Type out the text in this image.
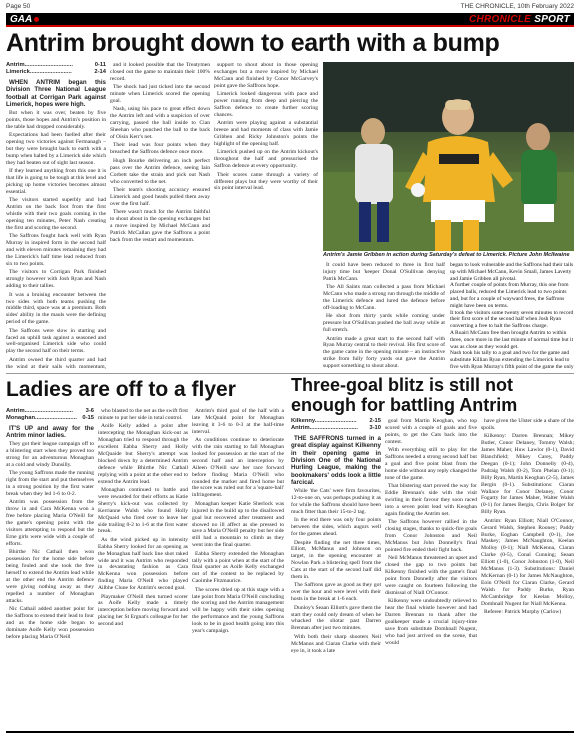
Page 50	THE CHRONICLE, 10th February 2022
GAA	CHRONICLE SPORT
Antrim brought down to earth with a bump
Antrim..............................	0-11
Limerick..........................	2-14

WHEN ANTRIM began this Division Three National League football at Corrigan Park against Limerick, hopes were high.

But when it was over, beaten by five points, those hopes and Antrim's position in the table had dropped considerably.

Expectations had been fuelled after their opening two victories against Fermanagh – but they were brought back to earth with a bump when halted by a Limerick side which they had beaten out of sight last season.

If they learned anything from this one it is that life is going to be tough at this level and picking up home victories becomes almost essential.

The visitors started superbly and had Antrim on the back foot from the first whistle with their two goals coming in the opening ten minutes, Peter Nash creating the first and scoring the second.

The Saffrons fought back well with Ryan Murray in inspired form in the second half and with eleven minutes remaining they had the Limerick's half time lead reduced from six to two points.

The visitors to Corrigan Park finished strongly however with Josh Ryan and Nash adding to their tallies.

It was a bruising encounter between the two sides with both teams pushing the middle third, space was at a premium. Both sides' ability in the mauls were the defining period of the game.

The Saffrons were slow in starting and faced an uphill task against a seasoned and well-organised Limerick side who could play the second half on their terms.

Antrim owned the third quarter and had the wind at their sails with momentum,

and it looked possible that the Treatymen closed out the game to maintain their 100% record.

The shock had just ticked into the second minute when Limerick scored the opening goal.

Nash, using his pace to great effect down the Antrim left and with a suspicion of over carrying, passed the ball inside to Cian Sheehan who punched the ball to the back of Oisin Kerr's net.

Their lead was four points when they breached the Saffrons defence once more.

Hugh Bourke delivering an inch perfect pass over the Antrim defence, seeing Iain Corbett take the strain and pick out Nash who converted to the net.

Their team's shooting accuracy ensured Limerick and good heads pulled them away over the first half.

There wasn't much for the Antrim faithful to shout about in the opening exchanges but a move inspired by Michael McCann and Patrick McCallan gave the Saffrons a point back from the restart and momentum.

support to shout about in those opening exchanges but a move inspired by Michael McCann and finished by Conor McGarvey's point gave the Saffrons hope.

Limerick looked dangerous with pace and power running from deep and piercing the Saffron defence to create further scoring chances.

Antrim were playing against a substantial breeze and had moments of class with Jamie Gribben and Ricky Johnston's points the highlight of the opening half.

Limerick pushed up on the Antrim kickout's throughout the half and pressurised the Saffron defence at every opportunity.

Their scores came through a variety of different plays but they were worthy of their six point interval lead.

Antrim's Jamie Gribben in action during Saturday's defeat to Limerick. Picture John McIlwaine

It could have been reduced to three in first half injury time but 'keeper Donal O'Sullivan denying Patrik McCann.

The All Saints man collected a pass from Michael McCann who made a strong run through the middle of the Limerick defence and lured the defence before off-loading to McCann.

He shot from thirty yards while coming under pressure but O'Sullivan pushed the ball away while at full stretch.

Antrim made a great start to the second half with Ryan Murray central to their revival. His first score of the game came in the opening minute – an instinctive strike from fully forty yards out gave the Antrim support something to shout about.

began to look vulnerable and the Saffrons had their tails up with Michael McCann, Kevin Small, James Laverty and Jamie Gribben all pivotal.

A further couple of points from Murray, this one from placed balls, reduced the Limerick lead to two points and, but for a couple of wayward frees, the Saffrons might have been on terms.

It took the visitors some twenty seven minutes to record their first score of the second half when Josh Ryan converting a free to halt the Saffrons charge.

A Ruairi McCann free then brought Antrim to within three, once more in the last minute of normal time but it was as close as they would get.

Nash took his tally to a goal and two for the game and substitute Killian Ryan extending the Limerick lead to five with Ryan Murray's fifth point of the game the only

Ladies are off to a flyer
Antrim.............................. 3-6
Monaghan.......................... 0-15

IT'S UP and away for the Antrim minor ladies.

They got their league campaign off to a blistering start when they proved too strong for an adventurous Monaghan at a cold and windy Dunsilly.

The young Saffrons made the running right from the start and put themselves in a strong position by the first water break when they led 1-6 to 0-2.

Antrim was possession from the throw in and Cara McKenna won a free before placing Maria O'Neill for the game's opening point with the visitors attempting to respond but the Erne girls were wide with a couple of efforts.

Bhirthe Nic Cathail then won possession for the home side before being fouled and she took the free herself to extend the Antrim lead while at the other end the Antrim defence were giving nothing away as they repelled a number of Monaghan attacks.

Nic Cathail added another point for the Saffrons to extend their lead to four and as the home side began to dominate Aoife Kelly won possession before placing Maria O'Neill

who blasted to the net as the swift first minute to put her side in total control.

Aoife Kelly added a point after intercepting the Monaghan kick-out as Monaghan tried to respond through the excellent Eabha Sherry and Holly McQuaide but Sherry's attempt was blocked down by a determined Antrim defence while Bhirthe Nic Cathail replying with a point at the other end to extend the Antrim lead.

Monaghan continued to battle and were rewarded for their efforts as Katie Sherry's kick-out was collected by Kerrianne Walsh who found Holly McQuaid who fired over to leave her side trailing 0-2 to 1-6 at the first water break.

As the wind picked up in intensity Eabha Sherry looked for an opening as the Monaghan half back line shot raked wide and it was Antrim who responded in devastating fashion as Cara McKenna won possession before finding Maria O'Neill who played Ailbhe Clune for Antrim's second goal.

Playmaker O'Neill then turned scorer as Aoife Kelly made a timely interception before moving forward and placing her St Ergnat's colleague for her second and

Antrim's third goal of the half with a late McQuaid point for Monaghan leaving it 3-6 to 0-3 at the half-time interval.

As conditions continue to deteriorate with the rain starting to fall Monaghan looked for possession at the start of the second half and an interception by Aileen O'Neill saw her race forward before finding Maria O'Neill who rounded the marker and fired home but the score was ruled out for a 'square-ball' infringement.

Monaghan keeper Katie Sherlock was injured in the build up to the disallowed goal but recovered after treatment and showed no ill affect as she pressed to save a Maria O'Neill penalty but her side still had a mountain to climb as they went into the final quarter.

Eabha Sherry extended the Monaghan tally with a point when at the start of the final quarter as Aoife Kelly exchanged out of the contest to be replaced by Caoimhe Fitzmaurice.

The scores dried up at this stage with a late point from Maria O'Neill concluding the scoring and the Antrim management will be happy with their sides opening the performance and the young Saffrons look to be in good health going into this year's campaign.

Three-goal blitz is still not enough for battling Antrim
Kilkenny.......................... 2-15
Antrim.............................. 3-10

THE SAFFRONS turned in a great display against Kilkenny in their opening game in Division One of the National Hurling League, making the bookmakers' odds look a little farcical.

While 'the Cats' were firm favourites, 12-to-one on, was perhaps pushing it as for while the Saffrons should have been much fitter than their 15-to-2 tag.

In the end there was only four points between the sides, which augurs well for the games ahead.

Despite finding the net three times, Elliott, McManus and Johnson on target, in the opening encounter at Nowlan Park a blistering spell from the Cats at the start of the second half did them in.

The Saffrons gave as good as they got over the hour and were level with their hosts in the break at 1-6 each.

Dunloy's Seaan Elliott's gave them the start they could only dream of when he whacked the sliotar past Darren Brennan after just two minutes.

With both their sharp shooters Neil McManus and Ciaran Clarke with their eye in, it took a late

goal from Martin Keoghan, who top scored with a couple of goals and five points, to get the Cats back into the contest.

With everything still to play for the Saffrons needed a strong second half but a goal and five point blast from the home side without any reply changed the tone of the game.

That blistering start proved the way for Eddie Brennan's side with the visit swirling in their favour they soon raced into a seven point lead with Keoghan again finding the Antrim net.

The Saffrons however rallied in the closing stages, thanks to quick-fire goals from Conor Johnston and Neil McManus but John Donnelly's final pointed fire ended their fight back.

Neil McManus threatened an upset and closed the gap to two points but Kilkenny finished with the game's final point from Donnelly after the visitors were caught on fourteen following the dismissal of Niall O'Connor.

Kilkenny were undoubtedly relieved to hear the final whistle however and had Darren Brennan to thank after the goalkeeper made a crucial injury-time save from substitute Domhnall Nugent, who had just arrived on the scene, that would

have given the Ulster side a share of the spoils.

Kilkenny: Darren Brennan; Mikey Butler, Conor Delaney, Tommy Walsh; James Maher, Huw Lawlor (0-1), David Blanchfield; Mikey Carey, Paddy Deegan (0-1); John Donnelly (0-4), Padraig Walsh (0-2), Tom Phelan (0-1); Billy Ryan, Martin Keoghan (2-5), James Bergin (0-1). Substitutions: Ciaran Wallace for Conor Delaney, Conor Fogarty for James Maher, Walter Walsh (0-1) for James Bergin, Chris Bolger for Billy Ryan.

Antrim: Ryan Elliott; Niall O'Connor, Gerard Walsh, Stephen Rooney; Paddy Burke, Eoghan Campbell (0-1), Joe Maskey; James McNaughton, Keelan Molloy (0-1); Niall McKenna, Ciaran Clarke (0-5), Conal Cunning; Seaan Elliott (1-0), Conor Johnston (1-0), Neil McManus (1-3). Substitutions: Daniel McKernan (0-1) for James McNaughton, Eoin O'Neill for Ciaran Clarke, Gerard Walsh for Paddy Burke, Ryan McCambridge for Keelan Molloy, Domhnall Nugent for Niall McKenna.

Referee: Patrick Murphy (Carlow)
